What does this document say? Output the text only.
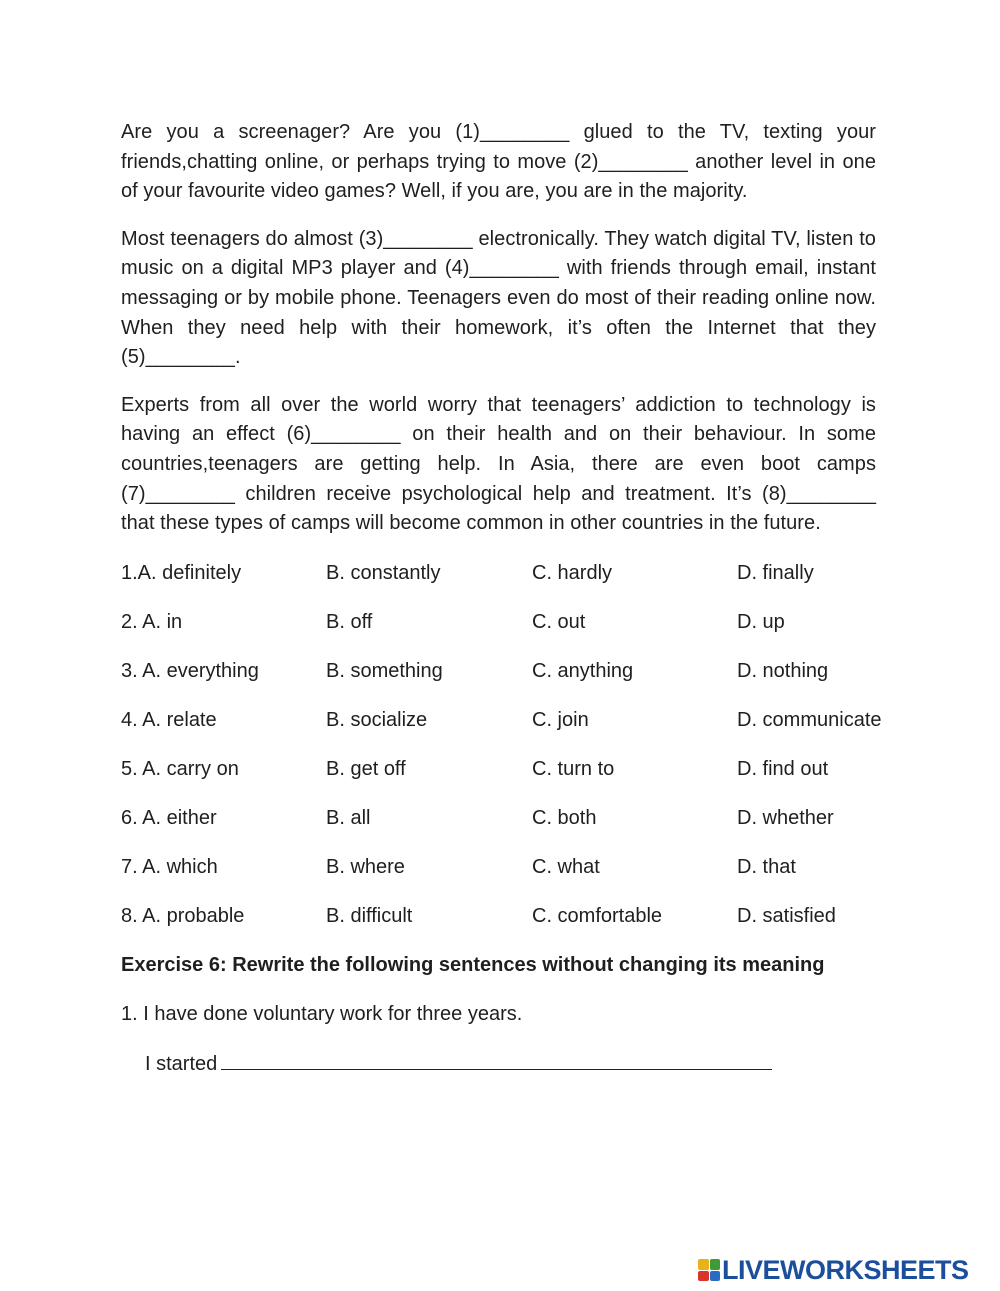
Are you a screenager? Are you (1)________ glued to the TV, texting your friends,chatting online, or perhaps trying to move (2)________ another level in one of your favourite video games? Well, if you are, you are in the majority.

Most teenagers do almost (3)________ electronically. They watch digital TV, listen to music on a digital MP3 player and (4)________ with friends through email, instant messaging or by mobile phone. Teenagers even do most of their reading online now. When they need help with their homework, it’s often the Internet that they (5)________.

Experts from all over the world worry that teenagers’ addiction to technology is having an effect (6)________ on their health and on their behaviour. In some countries,teenagers are getting help. In Asia, there are even boot camps (7)________ children receive psychological help and treatment. It’s (8)________ that these types of camps will become common in other countries in the future.

1.A. definitely	B. constantly	C. hardly	D. finally
2. A. in	B. off	C. out	D. up
3. A. everything	B. something	C. anything	D. nothing
4. A. relate	B. socialize	C. join	D. communicate
5. A. carry on	B. get off	C. turn to	D. find out
6. A. either	B. all	C. both	D. whether
7. A. which	B. where	C. what	D. that
8. A. probable	B. difficult	C. comfortable	D. satisfied

Exercise 6: Rewrite the following sentences without changing its meaning

1. I have done voluntary work for three years.

I started

LIVEWORKSHEETS
